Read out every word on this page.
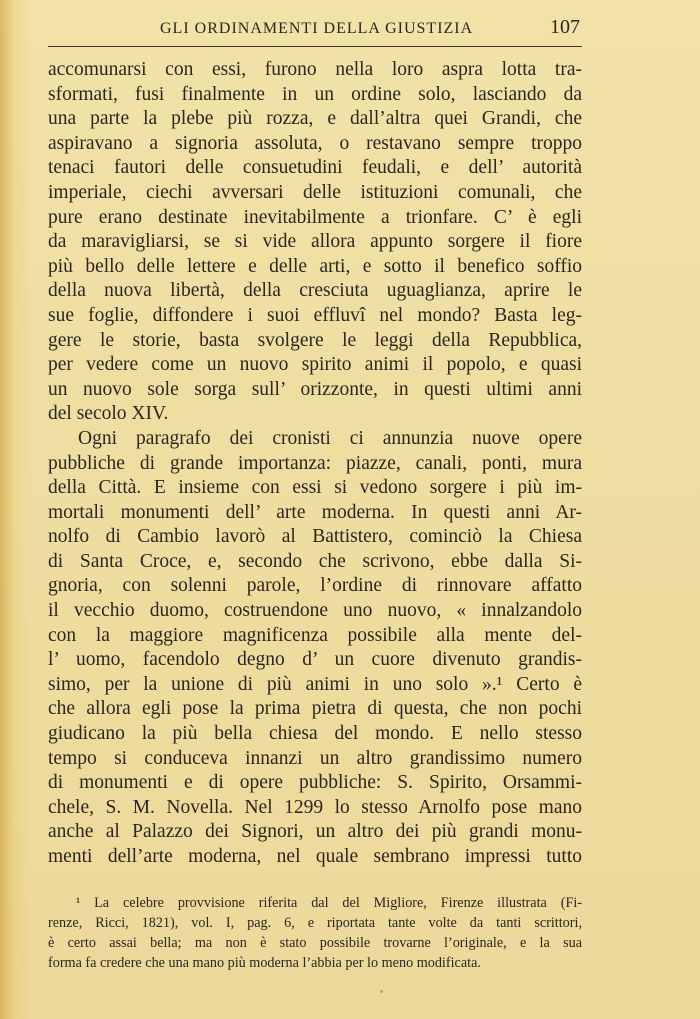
GLI ORDINAMENTI DELLA GIUSTIZIA	107
accomunarsi con essi, furono nella loro aspra lotta tra-
sformati, fusi finalmente in un ordine solo, lasciando da
una parte la plebe più rozza, e dall’altra quei Grandi, che
aspiravano a signoria assoluta, o restavano sempre troppo
tenaci fautori delle consuetudini feudali, e dell’ autorità
imperiale, ciechi avversari delle istituzioni comunali, che
pure erano destinate inevitabilmente a trionfare. C’ è egli
da maravigliarsi, se si vide allora appunto sorgere il fiore
più bello delle lettere e delle arti, e sotto il benefico soffio
della nuova libertà, della cresciuta uguaglianza, aprire le
sue foglie, diffondere i suoi effluvî nel mondo? Basta leg-
gere le storie, basta svolgere le leggi della Repubblica,
per vedere come un nuovo spirito animi il popolo, e quasi
un nuovo sole sorga sull’ orizzonte, in questi ultimi anni
del secolo XIV.
Ogni paragrafo dei cronisti ci annunzia nuove opere
pubbliche di grande importanza: piazze, canali, ponti, mura
della Città. E insieme con essi si vedono sorgere i più im-
mortali monumenti dell’ arte moderna. In questi anni Ar-
nolfo di Cambio lavorò al Battistero, cominciò la Chiesa
di Santa Croce, e, secondo che scrivono, ebbe dalla Si-
gnoria, con solenni parole, l’ordine di rinnovare affatto
il vecchio duomo, costruendone uno nuovo, « innalzandolo
con la maggiore magnificenza possibile alla mente del-
l’ uomo, facendolo degno d’ un cuore divenuto grandis-
simo, per la unione di più animi in uno solo ».¹ Certo è
che allora egli pose la prima pietra di questa, che non pochi
giudicano la più bella chiesa del mondo. E nello stesso
tempo si conduceva innanzi un altro grandissimo numero
di monumenti e di opere pubbliche: S. Spirito, Orsammi-
chele, S. M. Novella. Nel 1299 lo stesso Arnolfo pose mano
anche al Palazzo dei Signori, un altro dei più grandi monu-
menti dell’arte moderna, nel quale sembrano impressi tutto
¹ La celebre provvisione riferita dal del Migliore, Firenze illustrata (Fi-
renze, Ricci, 1821), vol. I, pag. 6, e riportata tante volte da tanti scrittori,
è certo assai bella; ma non è stato possibile trovarne l’originale, e la sua
forma fa credere che una mano più moderna l’abbia per lo meno modificata.
